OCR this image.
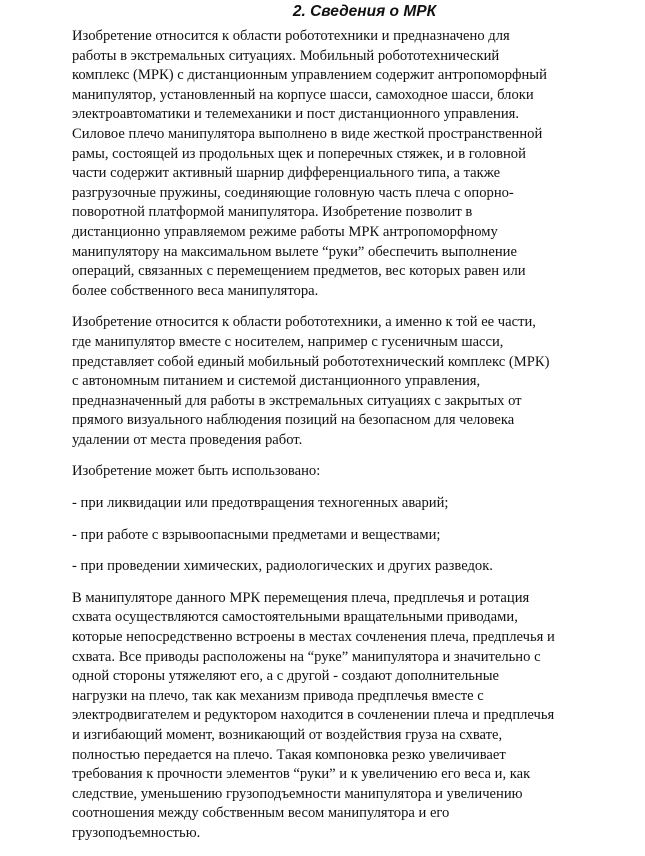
2. Сведения о МРК
Изобретение относится к области робототехники и предназначено для
работы в экстремальных ситуациях. Мобильный робототехнический
комплекс (МРК) с дистанционным управлением содержит антропоморфный
манипулятор, установленный на корпусе шасси, самоходное шасси, блоки
электроавтоматики и телемеханики и пост дистанционного управления.
Силовое плечо манипулятора выполнено в виде жесткой пространственной
рамы, состоящей из продольных щек и поперечных стяжек, и в головной
части содержит активный шарнир дифференциального типа, а также
разгрузочные пружины, соединяющие головную часть плеча с опорно-
поворотной платформой манипулятора. Изобретение позволит в
дистанционно управляемом режиме работы МРК антропоморфному
манипулятору на максимальном вылете “руки” обеспечить выполнение
операций, связанных с перемещением предметов, вес которых равен или
более собственного веса манипулятора.
Изобретение относится к области робототехники, а именно к той ее части,
где манипулятор вместе с носителем, например с гусеничным шасси,
представляет собой единый мобильный робототехнический комплекс (МРК)
с автономным питанием и системой дистанционного управления,
предназначенный для работы в экстремальных ситуациях с закрытых от
прямого визуального наблюдения позиций на безопасном для человека
удалении от места проведения работ.
Изобретение может быть использовано:
- при ликвидации или предотвращения техногенных аварий;
- при работе с взрывоопасными предметами и веществами;
- при проведении химических, радиологических и других разведок.
В манипуляторе данного МРК перемещения плеча, предплечья и ротация
схвата осуществляются самостоятельными вращательными приводами,
которые непосредственно встроены в местах сочленения плеча, предплечья и
схвата. Все приводы расположены на “руке” манипулятора и значительно с
одной стороны утяжеляют его, а с другой - создают дополнительные
нагрузки на плечо, так как механизм привода предплечья вместе с
электродвигателем и редуктором находится в сочленении плеча и предплечья
и изгибающий момент, возникающий от воздействия груза на схвате,
полностью передается на плечо. Такая компоновка резко увеличивает
требования к прочности элементов “руки” и к увеличению его веса и, как
следствие, уменьшению грузоподъемности манипулятора и увеличению
соотношения между собственным весом манипулятора и его
грузоподъемностью.
